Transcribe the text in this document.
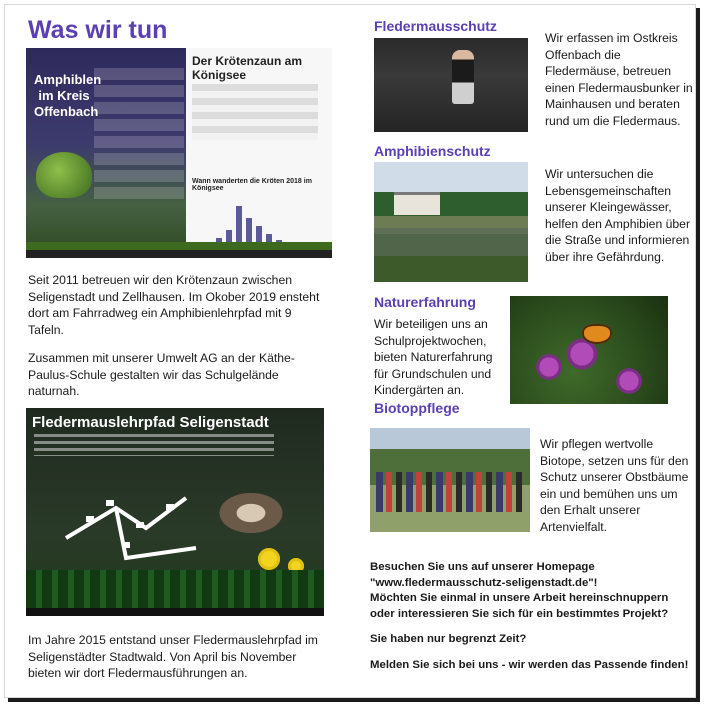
Was wir tun
Amphiblen im Kreis Offenbach
Der Krötenzaun am Königsee
Wann wanderten die Kröten 2018 im Königsee

Seit 2011 betreuen wir den Krötenzaun zwischen Seligenstadt und Zellhausen. Im Okober 2019 ensteht dort am Fahrradweg ein Amphibienlehrpfad mit 9 Tafeln.

Zusammen mit unserer Umwelt AG an der Käthe-Paulus-Schule gestalten wir das Schulgelände naturnah.

Fledermauslehrpfad Seligenstadt

Im Jahre 2015 entstand unser Fledermauslehrpfad im Seligenstädter Stadtwald. Von April bis November bieten wir dort Fledermausführungen an.

Fledermausschutz

Wir erfassen im Ostkreis Offenbach die Fledermäuse, betreuen einen Fledermausbunker in Mainhausen und beraten rund um die Fledermaus.

Amphibienschutz

Wir untersuchen die Lebensgemeinschaften unserer Kleingewässer, helfen den Amphibien über die Straße und informieren über ihre Gefährdung.

Naturerfahrung

Wir beteiligen uns an Schulprojektwochen, bieten Naturerfahrung für Grundschulen und Kindergärten an.

Biotoppflege

Wir pflegen wertvolle Biotope, setzen uns für den Schutz unserer Obstbäume ein und bemühen uns um den Erhalt unserer Artenvielfalt.

Besuchen Sie uns auf unserer Homepage
"www.fledermausschutz-seligenstadt.de"!
Möchten Sie einmal in unsere Arbeit hereinschnuppern
oder interessieren Sie sich für ein bestimmtes Projekt?
Sie haben nur begrenzt Zeit?
Melden Sie sich bei uns - wir werden das Passende finden!
